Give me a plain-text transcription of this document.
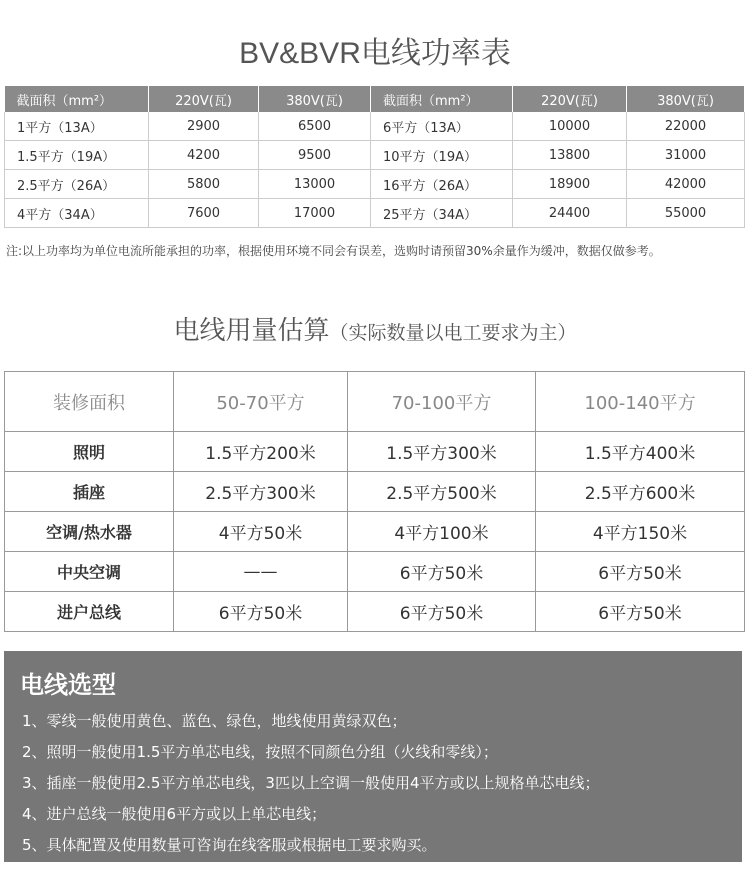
BV&BVR电线功率表
截面积（mm²）	220V(瓦)	380V(瓦)	截面积（mm²）	220V(瓦)	380V(瓦)
1平方（13A）	2900	6500	6平方（13A）	10000	22000
1.5平方（19A）	4200	9500	10平方（19A）	13800	31000
2.5平方（26A）	5800	13000	16平方（26A）	18900	42000
4平方（34A）	7600	17000	25平方（34A）	24400	55000
注:以上功率均为单位电流所能承担的功率，根据使用环境不同会有误差，选购时请预留30%余量作为缓冲，数据仅做参考。
电线用量估算（实际数量以电工要求为主）
装修面积	50-70平方	70-100平方	100-140平方
照明	1.5平方200米	1.5平方300米	1.5平方400米
插座	2.5平方300米	2.5平方500米	2.5平方600米
空调/热水器	4平方50米	4平方100米	4平方150米
中央空调	——	6平方50米	6平方50米
进户总线	6平方50米	6平方50米	6平方50米
电线选型
1、零线一般使用黄色、蓝色、绿色，地线使用黄绿双色；
2、照明一般使用1.5平方单芯电线，按照不同颜色分组（火线和零线）；
3、插座一般使用2.5平方单芯电线，3匹以上空调一般使用4平方或以上规格单芯电线；
4、进户总线一般使用6平方或以上单芯电线；
5、具体配置及使用数量可咨询在线客服或根据电工要求购买。
